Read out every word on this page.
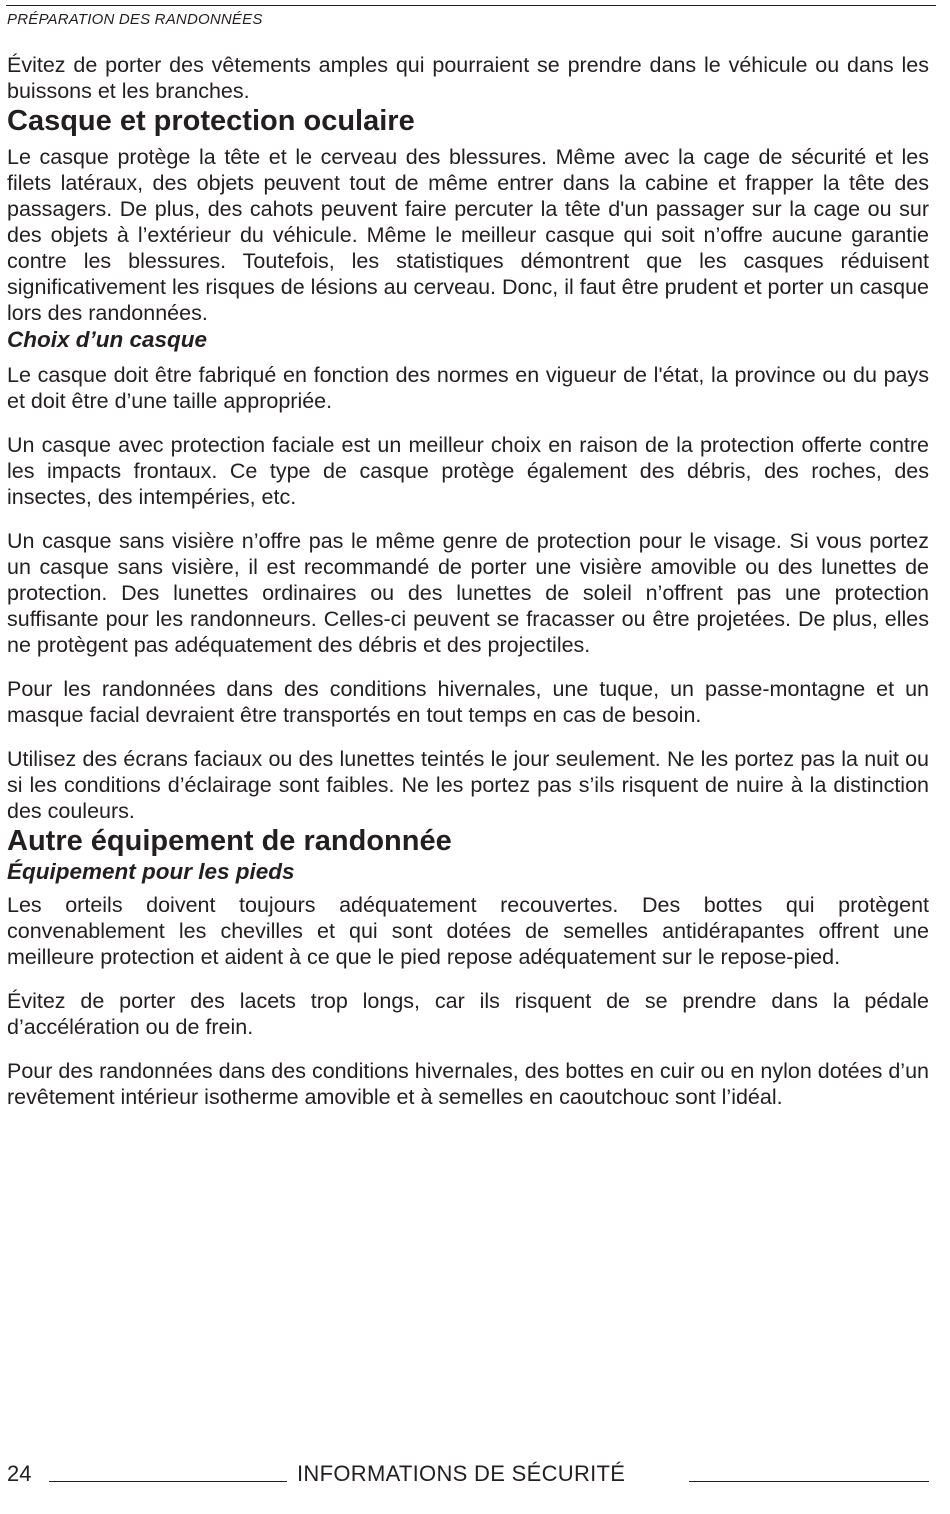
PRÉPARATION DES RANDONNÉES

Évitez de porter des vêtements amples qui pourraient se prendre dans le véhicule ou dans les buissons et les branches.

Casque et protection oculaire

Le casque protège la tête et le cerveau des blessures. Même avec la cage de sécurité et les filets latéraux, des objets peuvent tout de même entrer dans la cabine et frapper la tête des passagers. De plus, des cahots peuvent faire percuter la tête d'un passager sur la cage ou sur des objets à l’extérieur du véhicule. Même le meilleur casque qui soit n’offre aucune garantie contre les blessures. Toutefois, les statistiques démontrent que les casques réduisent significativement les risques de lésions au cerveau. Donc, il faut être prudent et porter un casque lors des randonnées.

Choix d’un casque

Le casque doit être fabriqué en fonction des normes en vigueur de l'état, la province ou du pays et doit être d’une taille appropriée.

Un casque avec protection faciale est un meilleur choix en raison de la protection offerte contre les impacts frontaux. Ce type de casque protège également des débris, des roches, des insectes, des intempéries, etc.

Un casque sans visière n’offre pas le même genre de protection pour le visage. Si vous portez un casque sans visière, il est recommandé de porter une visière amovible ou des lunettes de protection. Des lunettes ordinaires ou des lunettes de soleil n’offrent pas une protection suffisante pour les randonneurs. Celles-ci peuvent se fracasser ou être projetées. De plus, elles ne protègent pas adéquatement des débris et des projectiles.

Pour les randonnées dans des conditions hivernales, une tuque, un passe-montagne et un masque facial devraient être transportés en tout temps en cas de besoin.

Utilisez des écrans faciaux ou des lunettes teintés le jour seulement. Ne les portez pas la nuit ou si les conditions d’éclairage sont faibles. Ne les portez pas s’ils risquent de nuire à la distinction des couleurs.

Autre équipement de randonnée
Équipement pour les pieds

Les orteils doivent toujours adéquatement recouvertes. Des bottes qui protègent convenablement les chevilles et qui sont dotées de semelles antidérapantes offrent une meilleure protection et aident à ce que le pied repose adéquatement sur le repose-pied.

Évitez de porter des lacets trop longs, car ils risquent de se prendre dans la pédale d’accélération ou de frein.

Pour des randonnées dans des conditions hivernales, des bottes en cuir ou en nylon dotées d’un revêtement intérieur isotherme amovible et à semelles en caoutchouc sont l’idéal.

24	INFORMATIONS DE SÉCURITÉ
